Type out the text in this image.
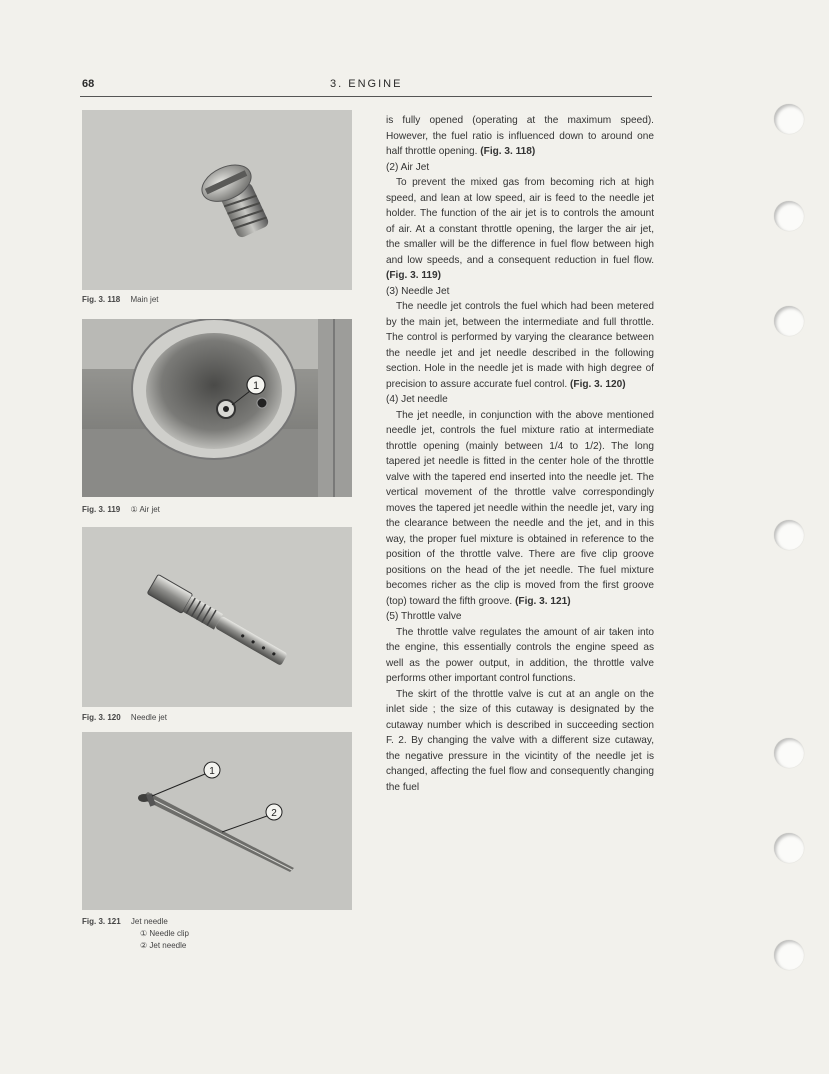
68	3. ENGINE
Fig. 3. 118 Main jet
1
Fig. 3. 119 ① Air jet
Fig. 3. 120 Needle jet
1
2
Fig. 3. 121 Jet needle
① Needle clip
② Jet needle

is fully opened (operating at the maximum speed). However, the fuel ratio is influenced down to around one half throttle opening. (Fig. 3. 118)

(2) Air Jet

To prevent the mixed gas from becoming rich at high speed, and lean at low speed, air is feed to the needle jet holder. The function of the air jet is to controls the amount of air. At a constant throttle opening, the larger the air jet, the smaller will be the difference in fuel flow between high and low speeds, and a consequent reduction in fuel flow. (Fig. 3. 119)

(3) Needle Jet

The needle jet controls the fuel which had been metered by the main jet, between the intermediate and full throttle. The control is performed by varying the clearance between the needle jet and jet needle described in the following section. Hole in the needle jet is made with high degree of precision to assure accurate fuel control. (Fig. 3. 120)

(4) Jet needle

The jet needle, in conjunction with the above mentioned needle jet, controls the fuel mixture ratio at intermediate throttle opening (mainly between 1/4 to 1/2). The long tapered jet needle is fitted in the center hole of the throttle valve with the tapered end inserted into the needle jet. The vertical movement of the throttle valve correspondingly moves the tapered jet needle within the needle jet, vary ing the clearance between the needle and the jet, and in this way, the proper fuel mixture is obtained in reference to the position of the throttle valve. There are five clip groove positions on the head of the jet needle. The fuel mixture becomes richer as the clip is moved from the first groove (top) toward the fifth groove. (Fig. 3. 121)

(5) Throttle valve

The throttle valve regulates the amount of air taken into the engine, this essentially controls the engine speed as well as the power output, in addition, the throttle valve performs other important control functions.

The skirt of the throttle valve is cut at an angle on the inlet side ; the size of this cutaway is designated by the cutaway number which is described in succeeding section F. 2. By changing the valve with a different size cutaway, the negative pressure in the vicintity of the needle jet is changed, affecting the fuel flow and consequently changing the fuel
